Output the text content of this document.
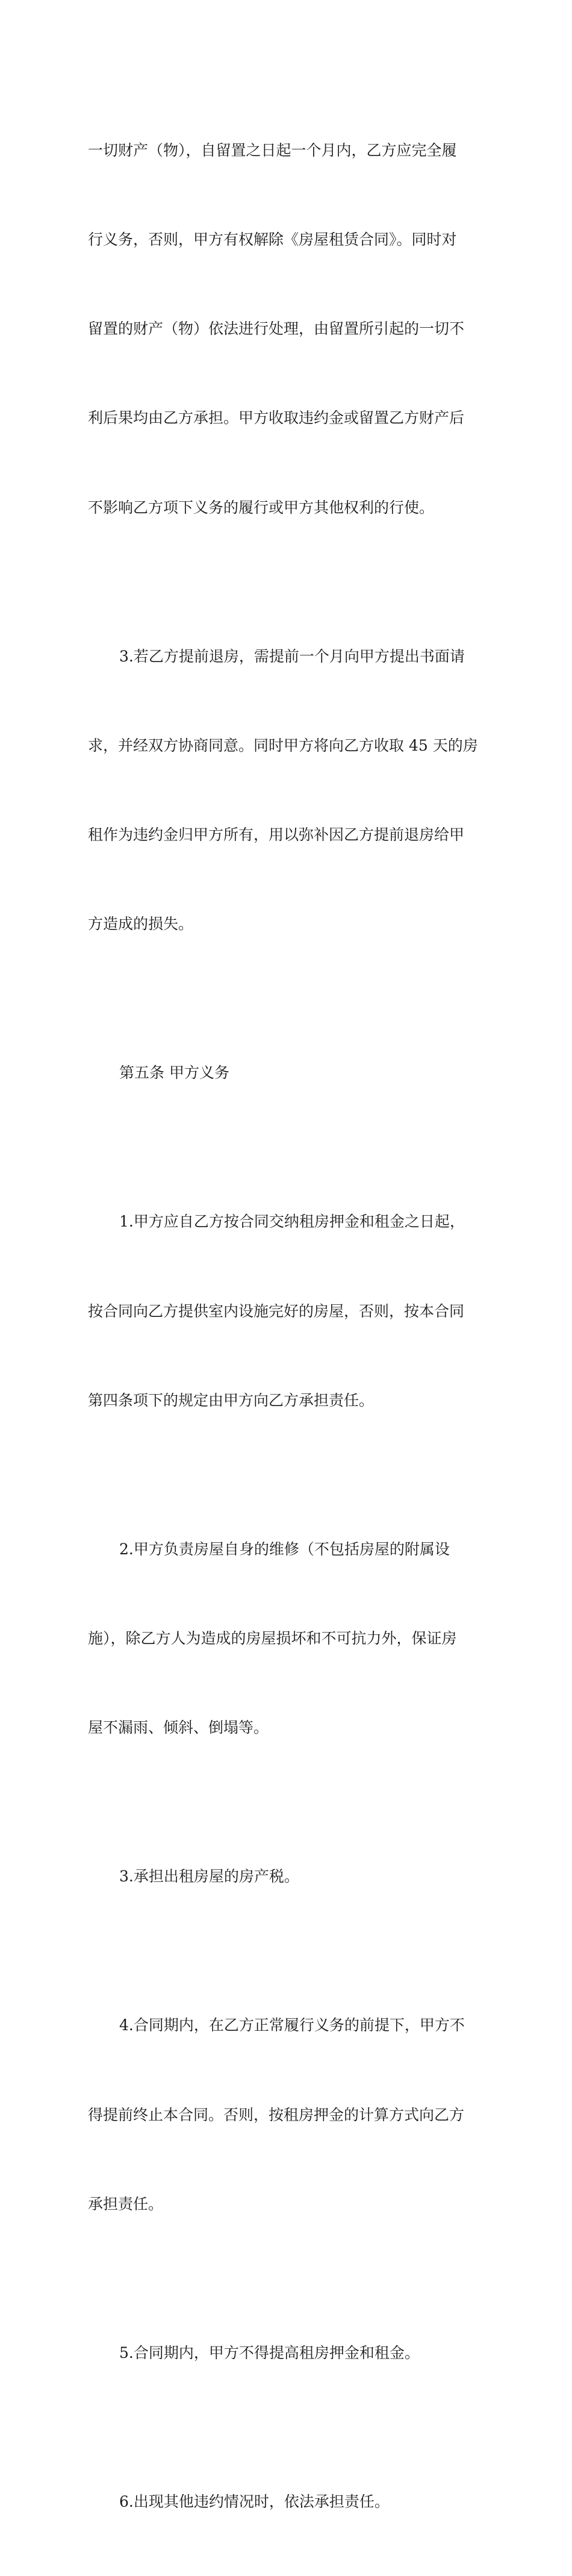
一切财产（物），自留置之日起一个月内，乙方应完全履

行义务，否则，甲方有权解除《房屋租赁合同》。同时对

留置的财产（物）依法进行处理，由留置所引起的一切不

利后果均由乙方承担。甲方收取违约金或留置乙方财产后

不影响乙方项下义务的履行或甲方其他权利的行使。

3.若乙方提前退房，需提前一个月向甲方提出书面请

求，并经双方协商同意。同时甲方将向乙方收取 45 天的房

租作为违约金归甲方所有，用以弥补因乙方提前退房给甲

方造成的损失。

第五条 甲方义务

1.甲方应自乙方按合同交纳租房押金和租金之日起，

按合同向乙方提供室内设施完好的房屋，否则，按本合同

第四条项下的规定由甲方向乙方承担责任。

2.甲方负责房屋自身的维修（不包括房屋的附属设

施），除乙方人为造成的房屋损坏和不可抗力外，保证房

屋不漏雨、倾斜、倒塌等。

3.承担出租房屋的房产税。

4.合同期内，在乙方正常履行义务的前提下，甲方不

得提前终止本合同。否则，按租房押金的计算方式向乙方

承担责任。

5.合同期内，甲方不得提高租房押金和租金。

6.出现其他违约情况时，依法承担责任。
